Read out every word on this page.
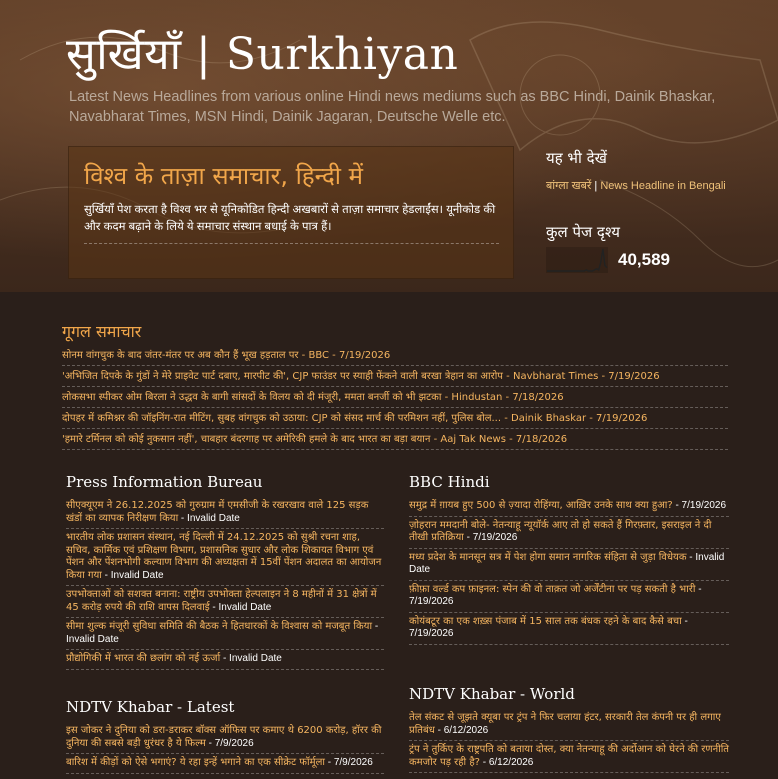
सुर्खियाँ | Surkhiyan
Latest News Headlines from various online Hindi news mediums such as BBC Hindi, Dainik Bhaskar, Navabharat Times, MSN Hindi, Dainik Jagaran, Deutsche Welle etc.
विश्व के ताज़ा समाचार, हिन्दी में
सुर्खियाँ पेश करता है विश्व भर से यूनिकोडित हिन्दी अखबारों से ताज़ा समाचार हेडलाईंस। यूनीकोड की और कदम बढ़ाने के लिये ये समाचार संस्थान बधाई के पात्र हैं।
यह भी देखें
बांग्ला खबरें | News Headline in Bengali
कुल पेज दृश्य
40,589
गूगल समाचार
सोनम वांगचुक के बाद जंतर-मंतर पर अब कौन हैं भूख हड़ताल पर - BBC - 7/19/2026
'अभिजित दिपके के गुंडों ने मेरे प्राइवेट पार्ट दबाए, मारपीट की', CJP फाउंडर पर स्याही फेंकने वाली बरखा त्रेहान का आरोप - Navbharat Times - 7/19/2026
लोकसभा स्पीकर ओम बिरला ने उद्धव के बागी सांसदों के विलय को दी मंजूरी, ममता बनर्जी को भी झटका - Hindustan - 7/18/2026
दोपहर में कमिश्नर की जॉइनिंग-रात मीटिंग, सुबह वांगचुक को उठाया: CJP को संसद मार्च की परमिशन नहीं, पुलिस बोल... - Dainik Bhaskar - 7/19/2026
'हमारे टर्मिनल को कोई नुकसान नहीं', चाबहार बंदरगाह पर अमेरिकी हमले के बाद भारत का बड़ा बयान - Aaj Tak News - 7/18/2026
Press Information Bureau
सीएक्यूएम ने 26.12.2025 को गुरुग्राम में एमसीजी के रखरखाव वाले 125 सड़क खंडों का व्यापक निरीक्षण किया - Invalid Date
भारतीय लोक प्रशासन संस्थान, नई दिल्ली में 24.12.2025 को सुश्री रचना शाह, सचिव, कार्मिक एवं प्रशिक्षण विभाग, प्रशासनिक सुधार और लोक शिकायत विभाग एवं पेंशन और पेंशनभोगी कल्याण विभाग की अध्यक्षता में 15वीं पेंशन अदालत का आयोजन किया गया - Invalid Date
उपभोक्ताओं को सशक्त बनाना: राष्ट्रीय उपभोक्ता हेल्पलाइन ने 8 महीनों में 31 क्षेत्रों में 45 करोड़ रुपये की राशि वापस दिलवाई - Invalid Date
सीमा शुल्क मंजूरी सुविधा समिति की बैठक ने हितधारकों के विश्वास को मजबूत किया - Invalid Date
प्रौद्योगिकी में भारत की छलांग को नई ऊर्जा - Invalid Date
BBC Hindi
समुद्र में ग़ायब हुए 500 से ज़्यादा रोहिंग्या, आख़िर उनके साथ क्या हुआ? - 7/19/2026
ज़ोहरान ममदानी बोले- नेतन्याहू न्यूयॉर्क आए तो हो सकते हैं गिरफ़्तार, इसराइल ने दी तीखी प्रतिक्रिया - 7/19/2026
मध्य प्रदेश के मानसून सत्र में पेश होगा समान नागरिक संहिता से जुड़ा विधेयक - Invalid Date
फ़ीफ़ा वर्ल्ड कप फ़ाइनल: स्पेन की वो ताक़त जो अर्जेंटीना पर पड़ सकती है भारी - 7/19/2026
कोयंबटूर का एक शख़्स पंजाब में 15 साल तक बंधक रहने के बाद कैसे बचा - 7/19/2026
NDTV Khabar - Latest
इस जोकर ने दुनिया को डरा-डराकर बॉक्स ऑफिस पर कमाए थे 6200 करोड़, हॉरर की दुनिया की सबसे बड़ी धुरंधर है ये फिल्म - 7/9/2026
बारिश में कीड़ों को ऐसे भगाएं? ये रहा इन्हें भगाने का एक सीक्रेट फॉर्मूला - 7/9/2026
NDTV Khabar - World
तेल संकट से जूझते क्यूबा पर ट्रंप ने फिर चलाया हंटर, सरकारी तेल कंपनी पर ही लगाए प्रतिबंध - 6/12/2026
ट्रंप ने तुर्किए के राष्ट्रपति को बताया दोस्त, क्या नेतन्याहू की अर्दोआन को घेरने की रणनीति कमजोर पड़ रही है? - 6/12/2026
